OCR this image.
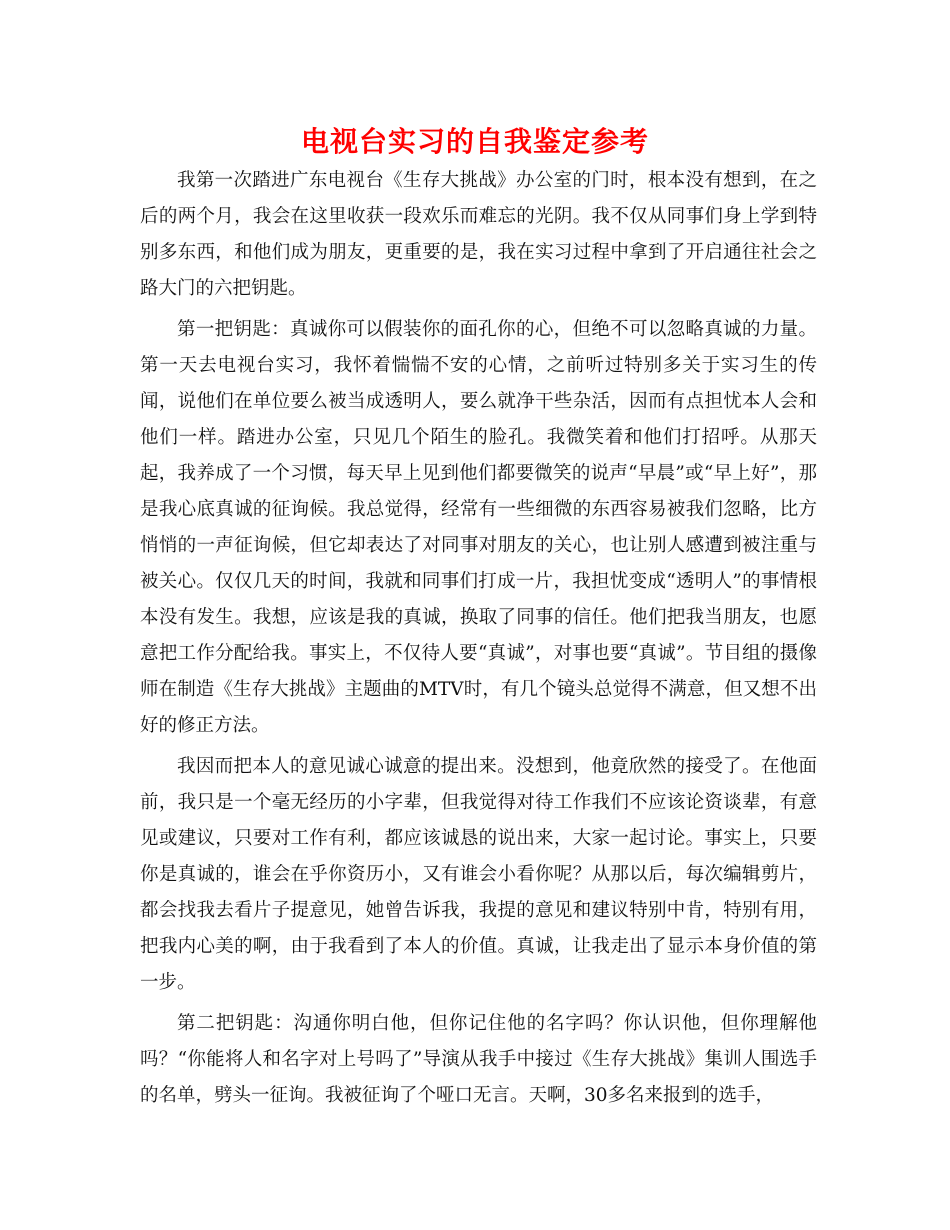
电视台实习的自我鉴定参考

我第一次踏进广东电视台《生存大挑战》办公室的门时，根本没有想到，在之后的两个月，我会在这里收获一段欢乐而难忘的光阴。我不仅从同事们身上学到特别多东西，和他们成为朋友，更重要的是，我在实习过程中拿到了开启通往社会之路大门的六把钥匙。

第一把钥匙：真诚你可以假装你的面孔你的心，但绝不可以忽略真诚的力量。第一天去电视台实习，我怀着惴惴不安的心情，之前听过特别多关于实习生的传闻，说他们在单位要么被当成透明人，要么就净干些杂活，因而有点担忧本人会和他们一样。踏进办公室，只见几个陌生的脸孔。我微笑着和他们打招呼。从那天起，我养成了一个习惯，每天早上见到他们都要微笑的说声“早晨”或“早上好”，那是我心底真诚的征询候。我总觉得，经常有一些细微的东西容易被我们忽略，比方悄悄的一声征询候，但它却表达了对同事对朋友的关心，也让别人感遭到被注重与被关心。仅仅几天的时间，我就和同事们打成一片，我担忧变成“透明人”的事情根本没有发生。我想，应该是我的真诚，换取了同事的信任。他们把我当朋友，也愿意把工作分配给我。事实上，不仅待人要“真诚”，对事也要“真诚”。节目组的摄像师在制造《生存大挑战》主题曲的MTV时，有几个镜头总觉得不满意，但又想不出好的修正方法。

我因而把本人的意见诚心诚意的提出来。没想到，他竟欣然的接受了。在他面前，我只是一个毫无经历的小字辈，但我觉得对待工作我们不应该论资谈辈，有意见或建议，只要对工作有利，都应该诚恳的说出来，大家一起讨论。事实上，只要你是真诚的，谁会在乎你资历小，又有谁会小看你呢？从那以后，每次编辑剪片，都会找我去看片子提意见，她曾告诉我，我提的意见和建议特别中肯，特别有用，把我内心美的啊，由于我看到了本人的价值。真诚，让我走出了显示本身价值的第一步。

第二把钥匙：沟通你明白他，但你记住他的名字吗？你认识他，但你理解他吗？“你能将人和名字对上号吗了”导演从我手中接过《生存大挑战》集训人围选手的名单，劈头一征询。我被征询了个哑口无言。天啊，30多名来报到的选手，
